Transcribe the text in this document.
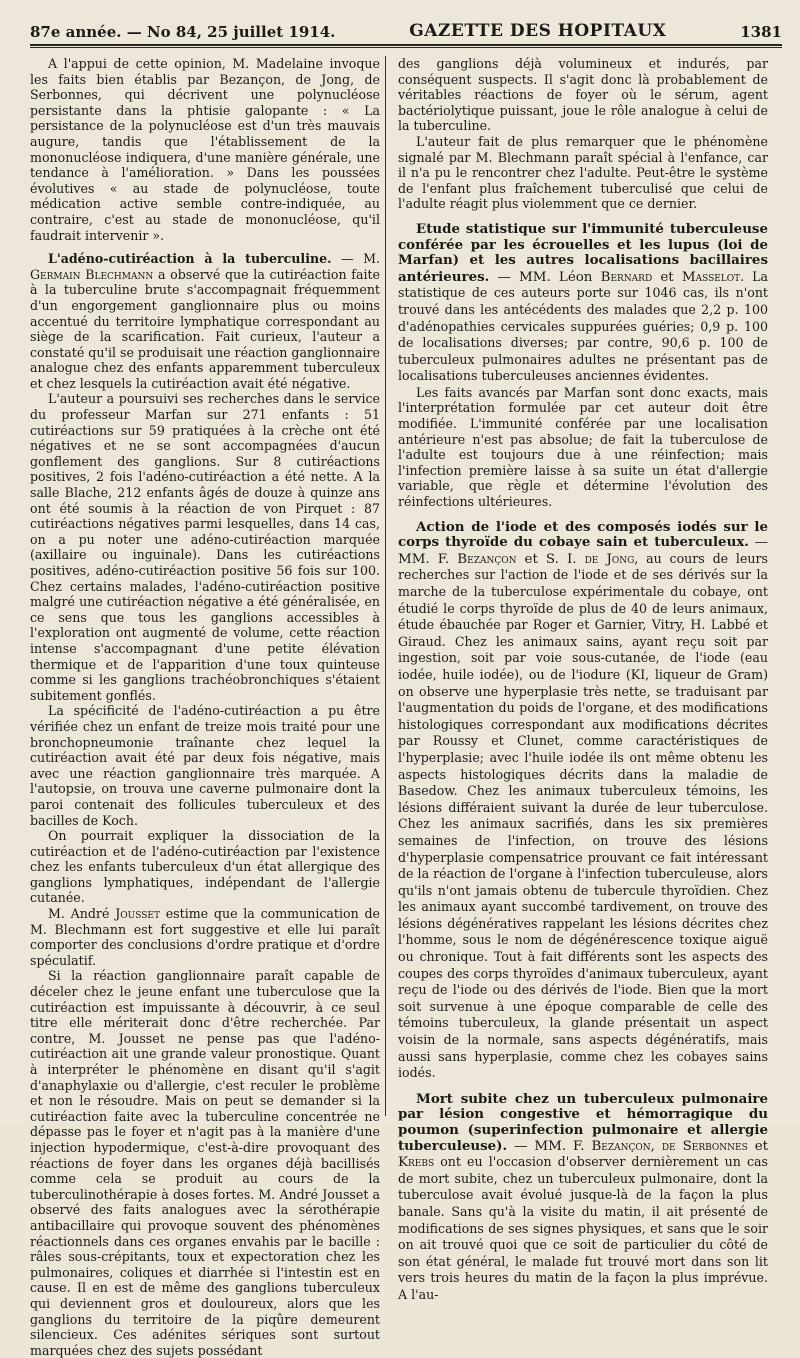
87e année. — No 84, 25 juillet 1914.	GAZETTE DES HOPITAUX	1381

A l'appui de cette opinion, M. Madelaine invoque les faits bien établis par Bezançon, de Jong, de Serbonnes, qui décrivent une polynucléose persistante dans la phtisie galopante : « La persistance de la polynucléose est d'un très mauvais augure, tandis que l'établissement de la mononucléose indiquera, d'une manière générale, une tendance à l'amélioration. » Dans les poussées évolutives « au stade de polynucléose, toute médication active semble contre-indiquée, au contraire, c'est au stade de mononucléose, qu'il faudrait intervenir ».

L'adéno-cutiréaction à la tuberculine. — M. Germain Blechmann a observé que la cutiréaction faite à la tuberculine brute s'accompagnait fréquemment d'un engorgement ganglionnaire plus ou moins accentué du territoire lymphatique correspondant au siège de la scarification. Fait curieux, l'auteur a constaté qu'il se produisait une réaction ganglionnaire analogue chez des enfants apparemment tuberculeux et chez lesquels la cutiréaction avait été négative.

L'auteur a poursuivi ses recherches dans le service du professeur Marfan sur 271 enfants : 51 cutiréactions sur 59 pratiquées à la crèche ont été négatives et ne se sont accompagnées d'aucun gonflement des ganglions. Sur 8 cutiréactions positives, 2 fois l'adéno-cutiréaction a été nette. A la salle Blache, 212 enfants âgés de douze à quinze ans ont été soumis à la réaction de von Pirquet : 87 cutiréactions négatives parmi lesquelles, dans 14 cas, on a pu noter une adéno-cutiréaction marquée (axillaire ou inguinale). Dans les cutiréactions positives, adéno-cutiréaction positive 56 fois sur 100. Chez certains malades, l'adéno-cutiréaction positive malgré une cutiréaction négative a été généralisée, en ce sens que tous les ganglions accessibles à l'exploration ont augmenté de volume, cette réaction intense s'accompagnant d'une petite élévation thermique et de l'apparition d'une toux quinteuse comme si les ganglions trachéobronchiques s'étaient subitement gonflés.

La spécificité de l'adéno-cutiréaction a pu être vérifiée chez un enfant de treize mois traité pour une bronchopneumonie traînante chez lequel la cutiréaction avait été par deux fois négative, mais avec une réaction ganglionnaire très marquée. A l'autopsie, on trouva une caverne pulmonaire dont la paroi contenait des follicules tuberculeux et des bacilles de Koch.

On pourrait expliquer la dissociation de la cutiréaction et de l'adéno-cutiréaction par l'existence chez les enfants tuberculeux d'un état allergique des ganglions lymphatiques, indépendant de l'allergie cutanée.

M. André Jousset estime que la communication de M. Blechmann est fort suggestive et elle lui paraît comporter des conclusions d'ordre pratique et d'ordre spéculatif.

Si la réaction ganglionnaire paraît capable de déceler chez le jeune enfant une tuberculose que la cutiréaction est impuissante à découvrir, à ce seul titre elle mériterait donc d'être recherchée. Par contre, M. Jousset ne pense pas que l'adéno-cutiréaction ait une grande valeur pronostique. Quant à interpréter le phénomène en disant qu'il s'agit d'anaphylaxie ou d'allergie, c'est reculer le problème et non le résoudre. Mais on peut se demander si la cutiréaction faite avec la tuberculine concentrée ne dépasse pas le foyer et n'agit pas à la manière d'une injection hypodermique, c'est-à-dire provoquant des réactions de foyer dans les organes déjà bacillisés comme cela se produit au cours de la tuberculinothérapie à doses fortes. M. André Jousset a observé des faits analogues avec la sérothérapie antibacillaire qui provoque souvent des phénomènes réactionnels dans ces organes envahis par le bacille : râles sous-crépitants, toux et expectoration chez les pulmonaires, coliques et diarrhée si l'intestin est en cause. Il en est de même des ganglions tuberculeux qui deviennent gros et douloureux, alors que les ganglions du territoire de la piqûre demeurent silencieux. Ces adénites sériques sont surtout marquées chez des sujets possédant

des ganglions déjà volumineux et indurés, par conséquent suspects. Il s'agit donc là probablement de véritables réactions de foyer où le sérum, agent bactériolytique puissant, joue le rôle analogue à celui de la tuberculine.

L'auteur fait de plus remarquer que le phénomène signalé par M. Blechmann paraît spécial à l'enfance, car il n'a pu le rencontrer chez l'adulte. Peut-être le système de l'enfant plus fraîchement tuberculisé que celui de l'adulte réagit plus violemment que ce dernier.

Etude statistique sur l'immunité tuberculeuse conférée par les écrouelles et les lupus (loi de Marfan) et les autres localisations bacillaires antérieures. — MM. Léon Bernard et Masselot. La statistique de ces auteurs porte sur 1046 cas, ils n'ont trouvé dans les antécédents des malades que 2,2 p. 100 d'adénopathies cervicales suppurées guéries; 0,9 p. 100 de localisations diverses; par contre, 90,6 p. 100 de tuberculeux pulmonaires adultes ne présentant pas de localisations tuberculeuses anciennes évidentes.

Les faits avancés par Marfan sont donc exacts, mais l'interprétation formulée par cet auteur doit être modifiée. L'immunité conférée par une localisation antérieure n'est pas absolue; de fait la tuberculose de l'adulte est toujours due à une réinfection; mais l'infection première laisse à sa suite un état d'allergie variable, que règle et détermine l'évolution des réinfections ultérieures.

Action de l'iode et des composés iodés sur le corps thyroïde du cobaye sain et tuberculeux. — MM. F. Bezançon et S. I. de Jong, au cours de leurs recherches sur l'action de l'iode et de ses dérivés sur la marche de la tuberculose expérimentale du cobaye, ont étudié le corps thyroïde de plus de 40 de leurs animaux, étude ébauchée par Roger et Garnier, Vitry, H. Labbé et Giraud. Chez les animaux sains, ayant reçu soit par ingestion, soit par voie sous-cutanée, de l'iode (eau iodée, huile iodée), ou de l'iodure (KI, liqueur de Gram) on observe une hyperplasie très nette, se traduisant par l'augmentation du poids de l'organe, et des modifications histologiques correspondant aux modifications décrites par Roussy et Clunet, comme caractéristiques de l'hyperplasie; avec l'huile iodée ils ont même obtenu les aspects histologiques décrits dans la maladie de Basedow. Chez les animaux tuberculeux témoins, les lésions différaient suivant la durée de leur tuberculose. Chez les animaux sacrifiés, dans les six premières semaines de l'infection, on trouve des lésions d'hyperplasie compensatrice prouvant ce fait intéressant de la réaction de l'organe à l'infection tuberculeuse, alors qu'ils n'ont jamais obtenu de tubercule thyroïdien. Chez les animaux ayant succombé tardivement, on trouve des lésions dégénératives rappelant les lésions décrites chez l'homme, sous le nom de dégénérescence toxique aiguë ou chronique. Tout à fait différents sont les aspects des coupes des corps thyroïdes d'animaux tuberculeux, ayant reçu de l'iode ou des dérivés de l'iode. Bien que la mort soit survenue à une époque comparable de celle des témoins tuberculeux, la glande présentait un aspect voisin de la normale, sans aspects dégénératifs, mais aussi sans hyperplasie, comme chez les cobayes sains iodés.
Mort subite chez un tuberculeux pulmonaire par lésion congestive et hémorragique du poumon (superinfection pulmonaire et allergie tuberculeuse). — MM. F. Bezançon, de Serbonnes et Krebs ont eu l'occasion d'observer dernièrement un cas de mort subite, chez un tuberculeux pulmonaire, dont la tuberculose avait évolué jusque-là de la façon la plus banale. Sans qu'à la visite du matin, il ait présenté de modifications de ses signes physiques, et sans que le soir on ait trouvé quoi que ce soit de particulier du côté de son état général, le malade fut trouvé mort dans son lit vers trois heures du matin de la façon la plus imprévue. A l'au-
